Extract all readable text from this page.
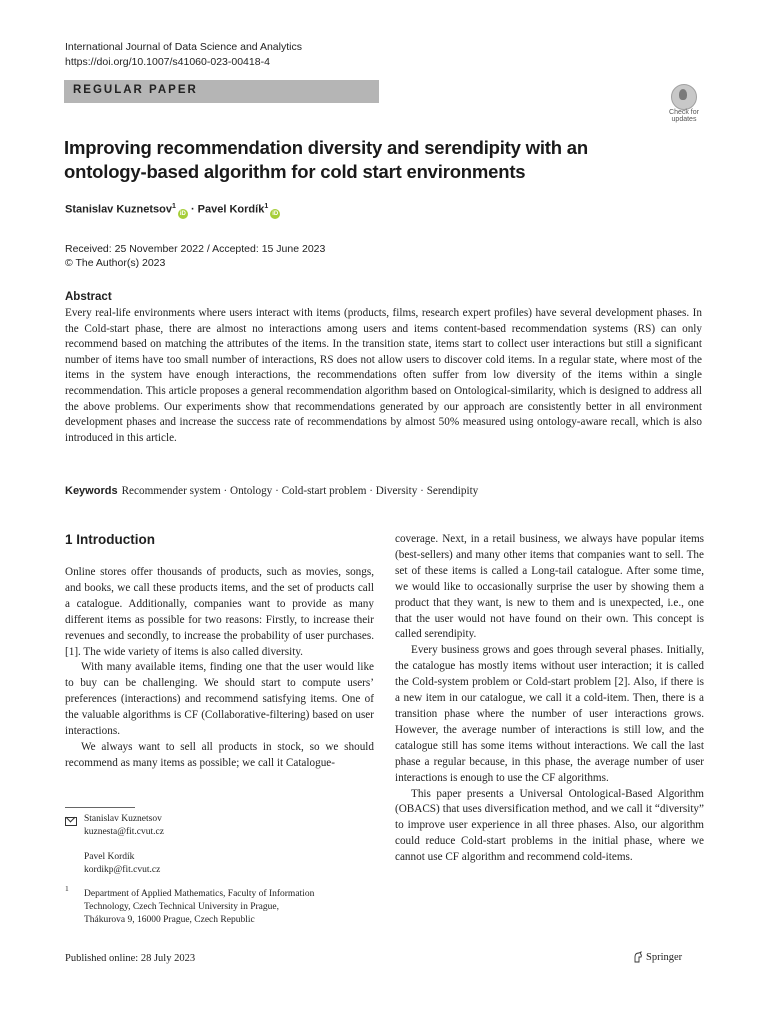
International Journal of Data Science and Analytics
https://doi.org/10.1007/s41060-023-00418-4
REGULAR PAPER
Check for
updates
Improving recommendation diversity and serendipity with an ontology-based algorithm for cold start environments
Stanislav Kuznetsov$^1$iD · Pavel Kordík$^1$iD
Received: 25 November 2022 / Accepted: 15 June 2023
© The Author(s) 2023
Abstract
Every real-life environments where users interact with items (products, films, research expert profiles) have several development phases. In the Cold-start phase, there are almost no interactions among users and items content-based recommendation systems (RS) can only recommend based on matching the attributes of the items. In the transition state, items start to collect user interactions but still a significant number of items have too small number of interactions, RS does not allow users to discover cold items. In a regular state, where most of the items in the system have enough interactions, the recommendations often suffer from low diversity of the items within a single recommendation. This article proposes a general recommendation algorithm based on Ontological-similarity, which is designed to address all the above problems. Our experiments show that recommendations generated by our approach are consistently better in all environment development phases and increase the success rate of recommendations by almost 50% measured using ontology-aware recall, which is also introduced in this article.
Keywords Recommender system · Ontology · Cold-start problem · Diversity · Serendipity
1 Introduction

Online stores offer thousands of products, such as movies, songs, and books, we call these products items, and the set of products call a catalogue. Additionally, companies want to provide as many different items as possible for two reasons: Firstly, to increase their revenues and secondly, to increase the probability of user purchases. [1]. The wide variety of items is also called diversity.

With many available items, finding one that the user would like to buy can be challenging. We should start to compute users’ preferences (interactions) and recommend satisfying items. One of the valuable algorithms is CF (Collaborative-filtering) based on user interactions.

We always want to sell all products in stock, so we should recommend as many items as possible; we call it Catalogue-

coverage. Next, in a retail business, we always have popular items (best-sellers) and many other items that companies want to sell. The set of these items is called a Long-tail catalogue. After some time, we would like to occasionally surprise the user by showing them a product that they want, is new to them and is unexpected, i.e., one that the user would not have found on their own. This concept is called serendipity.

Every business grows and goes through several phases. Initially, the catalogue has mostly items without user interaction; it is called the Cold-system problem or Cold-start problem [2]. Also, if there is a new item in our catalogue, we call it a cold-item. Then, there is a transition phase where the number of user interactions grows. However, the average number of interactions is still low, and the catalogue still has some items without interactions. We call the last phase a regular because, in this phase, the average number of user interactions is enough to use the CF algorithms.

This paper presents a Universal Ontological-Based Algorithm (OBACS) that uses diversification method, and we call it “diversity” to improve user experience in all three phases. Also, our algorithm could reduce Cold-start problems in the initial phase, where we cannot use CF algorithm and recommend cold-items.

Stanislav Kuznetsov
kuznesta@fit.cvut.cz
Pavel Kordík
kordikp@fit.cvut.cz
1
Department of Applied Mathematics, Faculty of Information
Technology, Czech Technical University in Prague,
Thákurova 9, 16000 Prague, Czech Republic
Published online: 28 July 2023	Springer
